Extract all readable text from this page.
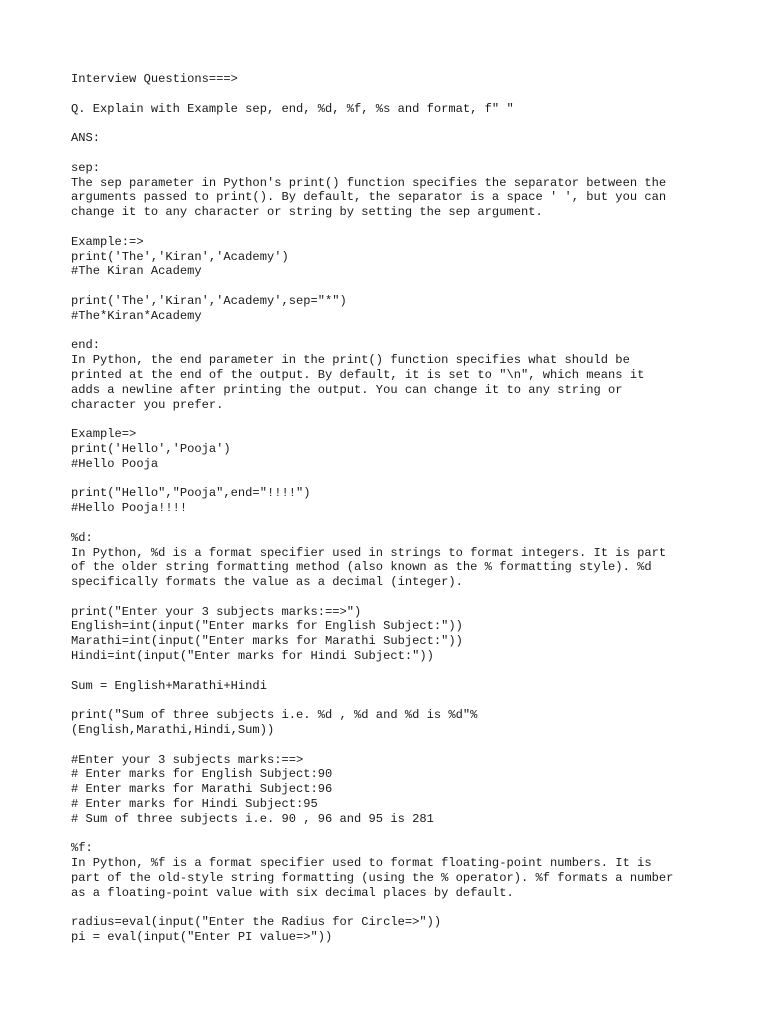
Interview Questions===>
Q. Explain with Example sep, end, %d, %f, %s and format, f" "
ANS:
sep:
The sep parameter in Python's print() function specifies the separator between the
arguments passed to print(). By default, the separator is a space ' ', but you can
change it to any character or string by setting the sep argument.
Example:=>
print('The','Kiran','Academy')
#The Kiran Academy
print('The','Kiran','Academy',sep="*")
#The*Kiran*Academy
end:
In Python, the end parameter in the print() function specifies what should be
printed at the end of the output. By default, it is set to "\n", which means it
adds a newline after printing the output. You can change it to any string or
character you prefer.
Example=>
print('Hello','Pooja')
#Hello Pooja
print("Hello","Pooja",end="!!!!")
#Hello Pooja!!!!
%d:
In Python, %d is a format specifier used in strings to format integers. It is part
of the older string formatting method (also known as the % formatting style). %d
specifically formats the value as a decimal (integer).
print("Enter your 3 subjects marks:==>")
English=int(input("Enter marks for English Subject:"))
Marathi=int(input("Enter marks for Marathi Subject:"))
Hindi=int(input("Enter marks for Hindi Subject:"))
Sum = English+Marathi+Hindi
print("Sum of three subjects i.e. %d , %d and %d is %d"%
(English,Marathi,Hindi,Sum))
#Enter your 3 subjects marks:==>
# Enter marks for English Subject:90
# Enter marks for Marathi Subject:96
# Enter marks for Hindi Subject:95
# Sum of three subjects i.e. 90 , 96 and 95 is 281
%f:
In Python, %f is a format specifier used to format floating-point numbers. It is
part of the old-style string formatting (using the % operator). %f formats a number
as a floating-point value with six decimal places by default.
radius=eval(input("Enter the Radius for Circle=>"))
pi = eval(input("Enter PI value=>"))
